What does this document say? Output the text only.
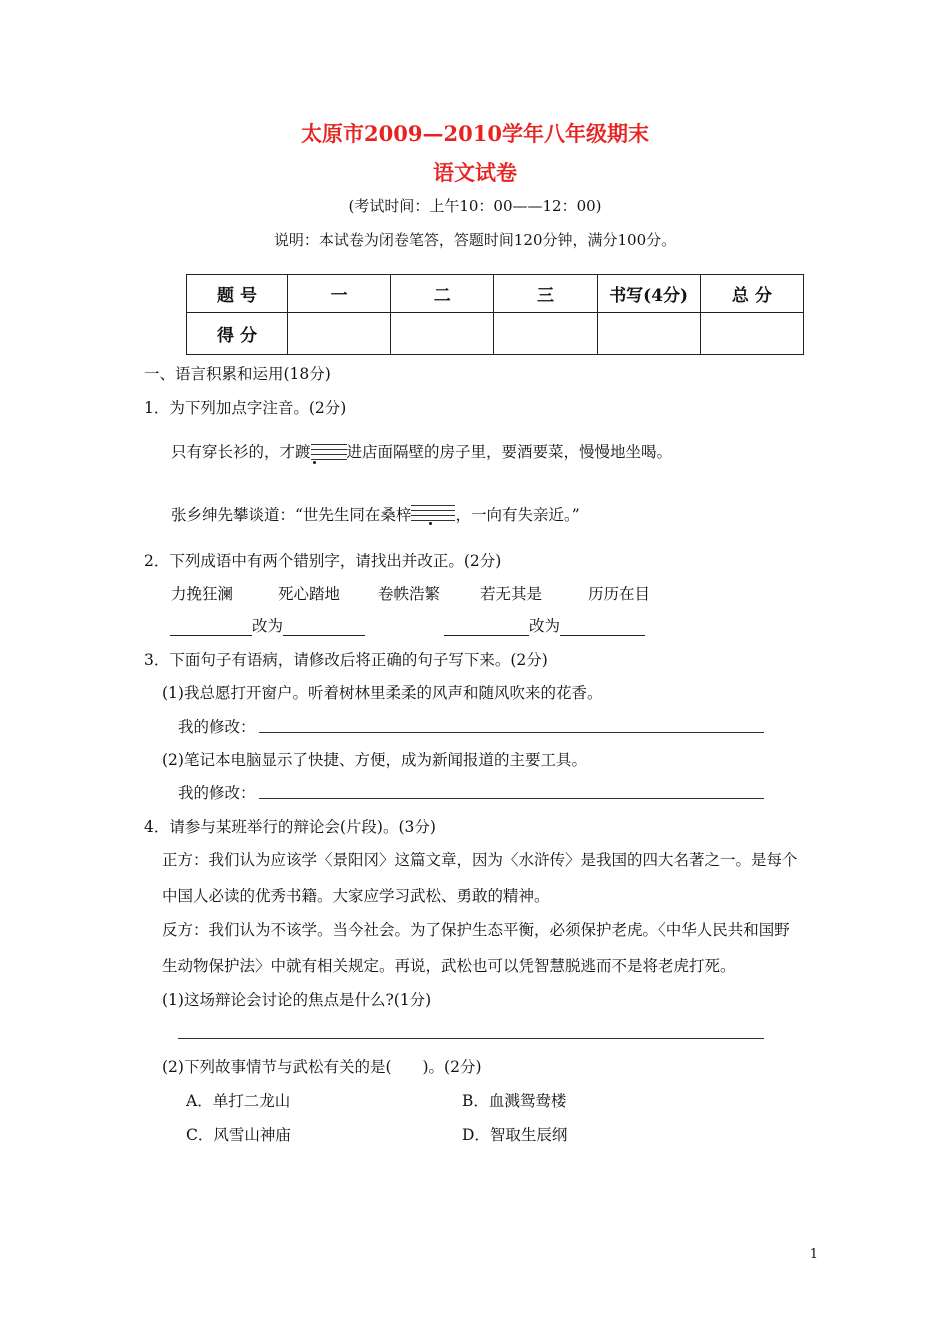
太原市2009—2010学年八年级期末
语文试卷
(考试时间：上午10：00——12：00)
说明：本试卷为闭卷笔答，答题时间120分钟，满分100分。
题 号	一	二	三	书写(4分)	总 分
得 分					
一、语言积累和运用(18分)
1．为下列加点字注音。(2分)
只有穿长衫的，才踱 进店面隔壁的房子里，要酒要菜，慢慢地坐喝。
张乡绅先攀谈道：“世先生同在桑梓	，一向有失亲近。”
2．下列成语中有两个错别字，请找出并改正。(2分)
力挽狂澜	死心踏地 卷帙浩繁	若无其是	历历在目
改为	改为
3．下面句子有语病，请修改后将正确的句子写下来。(2分)
(1)我总愿打开窗户。听着树林里柔柔的风声和随风吹来的花香。
我的修改：
(2)笔记本电脑显示了快捷、方便，成为新闻报道的主要工具。
我的修改：
4．请参与某班举行的辩论会(片段)。(3分)
正方：我们认为应该学〈景阳冈〉这篇文章，因为〈水浒传〉是我国的四大名著之一。是每个
中国人必读的优秀书籍。大家应学习武松、勇敢的精神。
反方：我们认为不该学。当今社会。为了保护生态平衡，必须保护老虎。〈中华人民共和国野
生动物保护法〉中就有相关规定。再说，武松也可以凭智慧脱逃而不是将老虎打死。
(1)这场辩论会讨论的焦点是什么?(1分)
(2)下列故事情节与武松有关的是(　　)。(2分)
A．单打二龙山	B．血溅鸳鸯楼
C．风雪山神庙	D．智取生辰纲
1
